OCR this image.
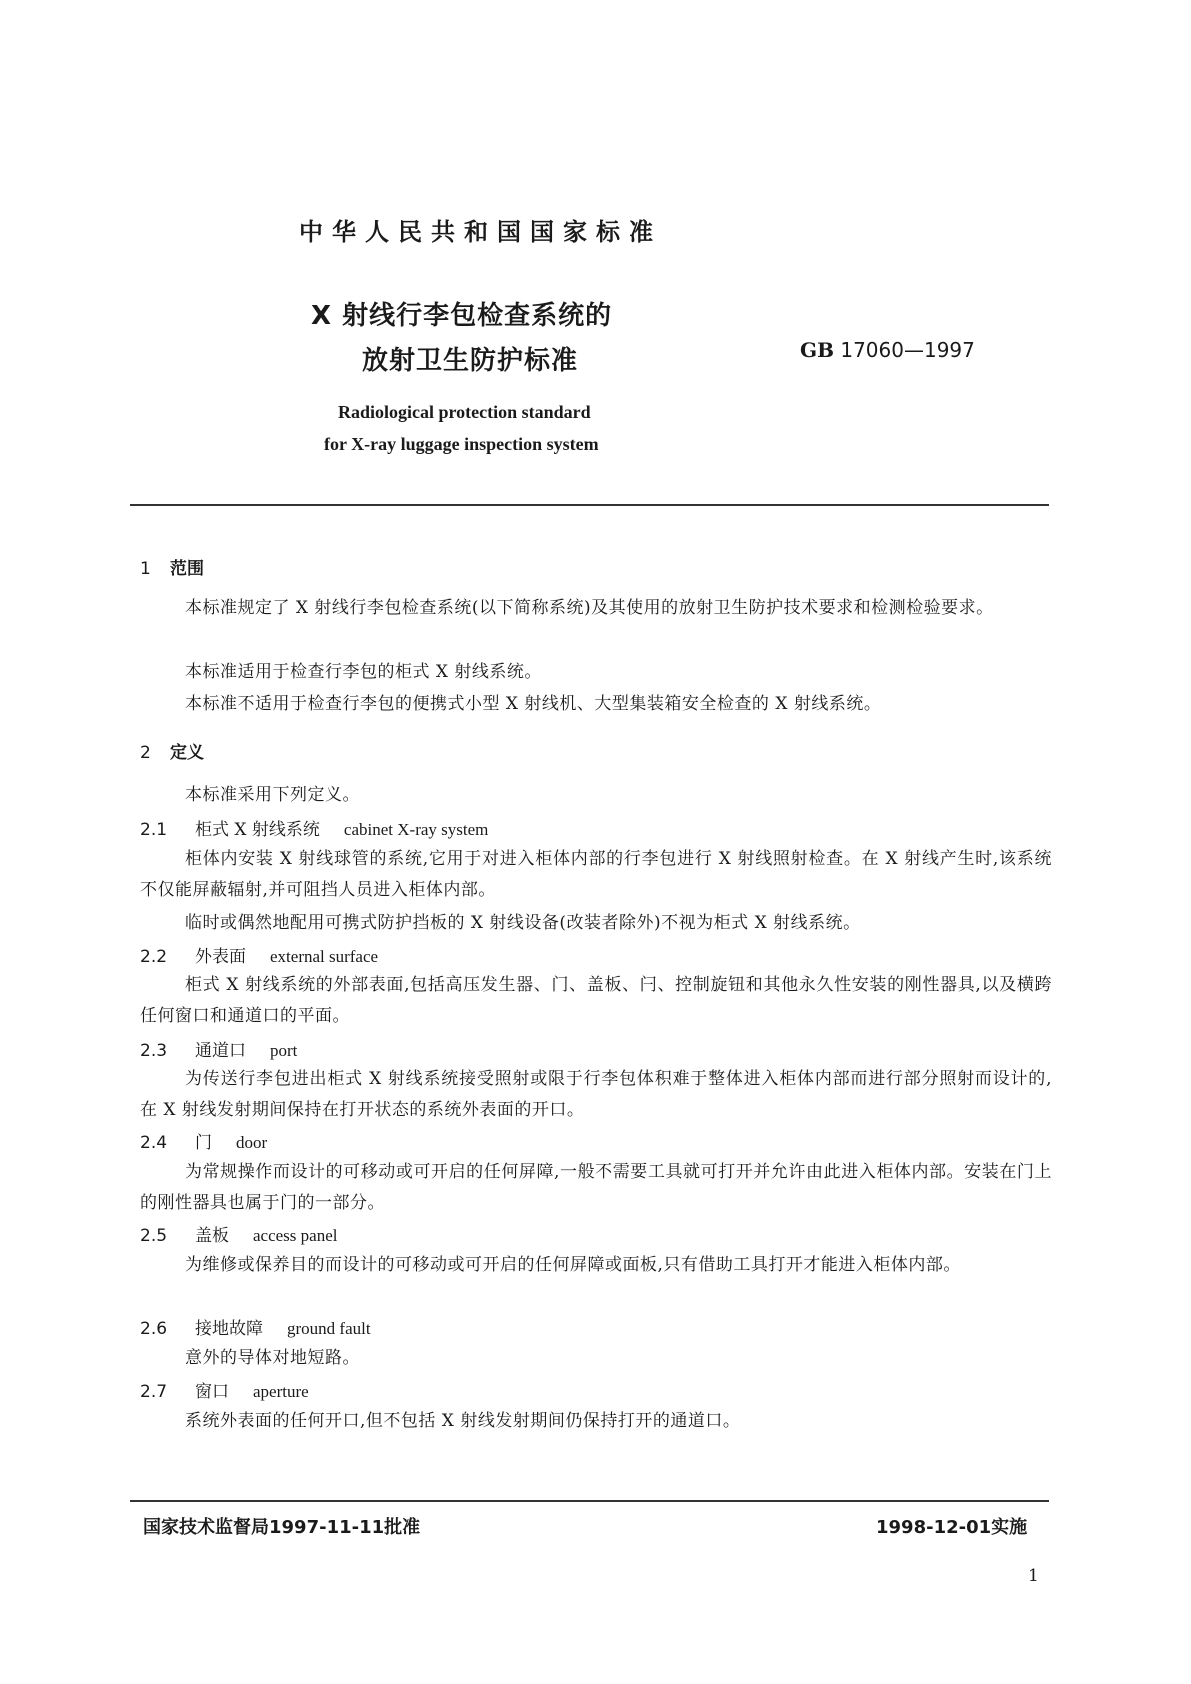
中华人民共和国国家标准
X 射线行李包检查系统的
放射卫生防护标准	GB 17060—1997
Radiological protection standard
for X-ray luggage inspection system
1 范围
本标准规定了 X 射线行李包检查系统(以下简称系统)及其使用的放射卫生防护技术要求和检测检验要求。
本标准适用于检查行李包的柜式 X 射线系统。
本标准不适用于检查行李包的便携式小型 X 射线机、大型集装箱安全检查的 X 射线系统。
2 定义
本标准采用下列定义。
2.1 柜式 X 射线系统 cabinet X-ray system
柜体内安装 X 射线球管的系统,它用于对进入柜体内部的行李包进行 X 射线照射检查。在 X 射线产生时,该系统不仅能屏蔽辐射,并可阻挡人员进入柜体内部。
临时或偶然地配用可携式防护挡板的 X 射线设备(改装者除外)不视为柜式 X 射线系统。
2.2 外表面 external surface
柜式 X 射线系统的外部表面,包括高压发生器、门、盖板、闩、控制旋钮和其他永久性安装的刚性器具,以及横跨任何窗口和通道口的平面。
2.3 通道口 port
为传送行李包进出柜式 X 射线系统接受照射或限于行李包体积难于整体进入柜体内部而进行部分照射而设计的,在 X 射线发射期间保持在打开状态的系统外表面的开口。
2.4 门 door
为常规操作而设计的可移动或可开启的任何屏障,一般不需要工具就可打开并允许由此进入柜体内部。安装在门上的刚性器具也属于门的一部分。
2.5 盖板 access panel
为维修或保养目的而设计的可移动或可开启的任何屏障或面板,只有借助工具打开才能进入柜体内部。
2.6 接地故障 ground fault
意外的导体对地短路。
2.7 窗口 aperture
系统外表面的任何开口,但不包括 X 射线发射期间仍保持打开的通道口。
国家技术监督局1997-11-11批准	1998-12-01实施
1
